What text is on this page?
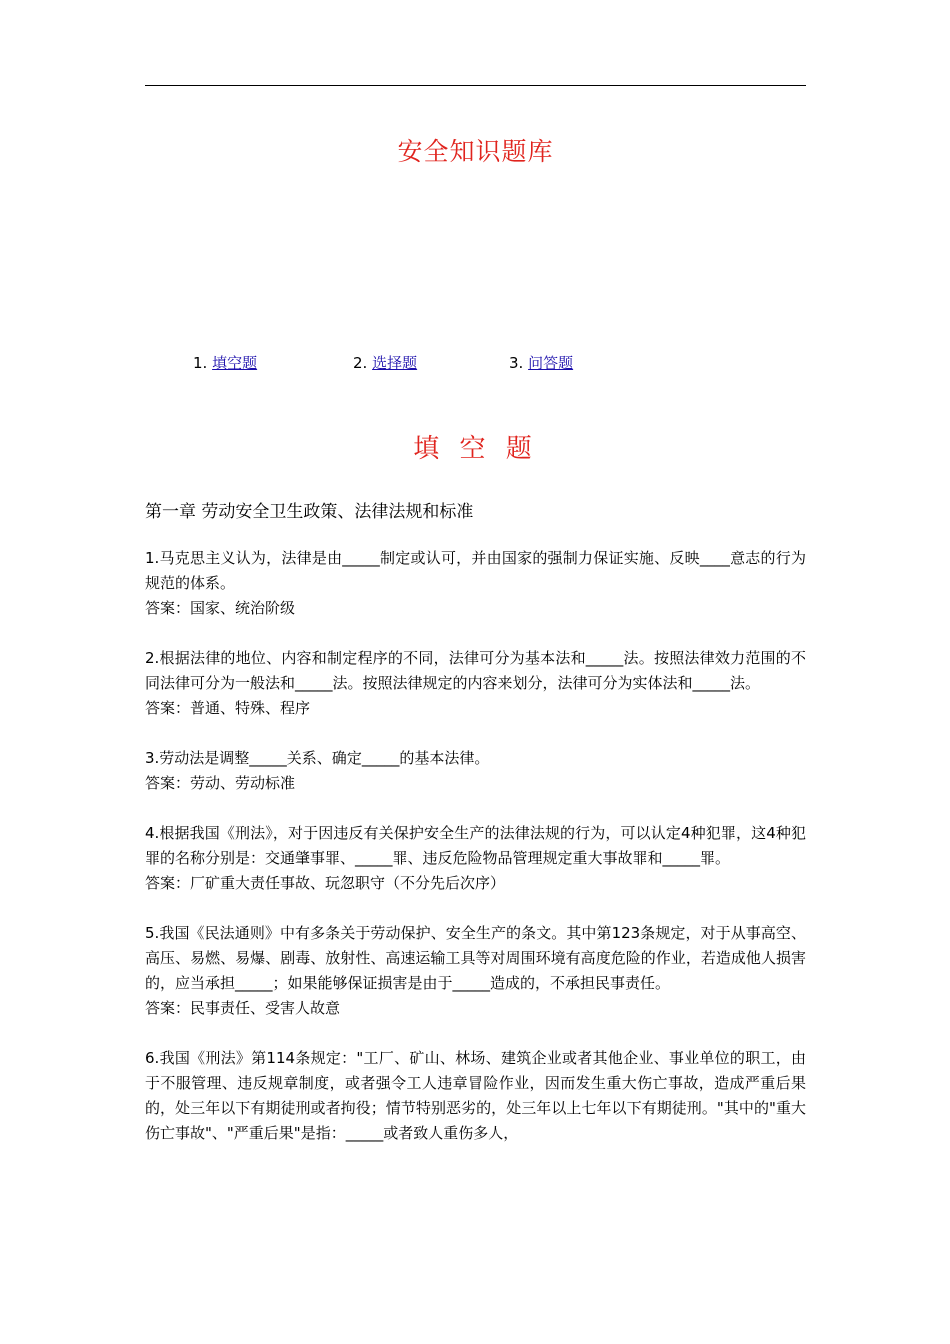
安全知识题库
1. 填空题	2. 选择题	3. 问答题
填 空 题
第一章 劳动安全卫生政策、法律法规和标准

1.马克思主义认为，法律是由_____制定或认可，并由国家的强制力保证实施、反映____意志的行为规范的体系。

答案：国家、统治阶级

2.根据法律的地位、内容和制定程序的不同，法律可分为基本法和_____法。按照法律效力范围的不同法律可分为一般法和_____法。按照法律规定的内容来划分，法律可分为实体法和_____法。

答案：普通、特殊、程序

3.劳动法是调整_____关系、确定_____的基本法律。

答案：劳动、劳动标准

4.根据我国《刑法》，对于因违反有关保护安全生产的法律法规的行为，可以认定4种犯罪，这4种犯罪的名称分别是：交通肇事罪、_____罪、违反危险物品管理规定重大事故罪和_____罪。

答案：厂矿重大责任事故、玩忽职守（不分先后次序）

5.我国《民法通则》中有多条关于劳动保护、安全生产的条文。其中第123条规定，对于从事高空、高压、易燃、易爆、剧毒、放射性、高速运输工具等对周围环境有高度危险的作业，若造成他人损害的，应当承担_____；如果能够保证损害是由于_____造成的，不承担民事责任。

答案：民事责任、受害人故意

6.我国《刑法》第114条规定："工厂、矿山、林场、建筑企业或者其他企业、事业单位的职工，由于不服管理、违反规章制度，或者强令工人违章冒险作业，因而发生重大伤亡事故，造成严重后果的，处三年以下有期徒刑或者拘役；情节特别恶劣的，处三年以上七年以下有期徒刑。"其中的"重大伤亡事故"、"严重后果"是指：_____或者致人重伤多人，
